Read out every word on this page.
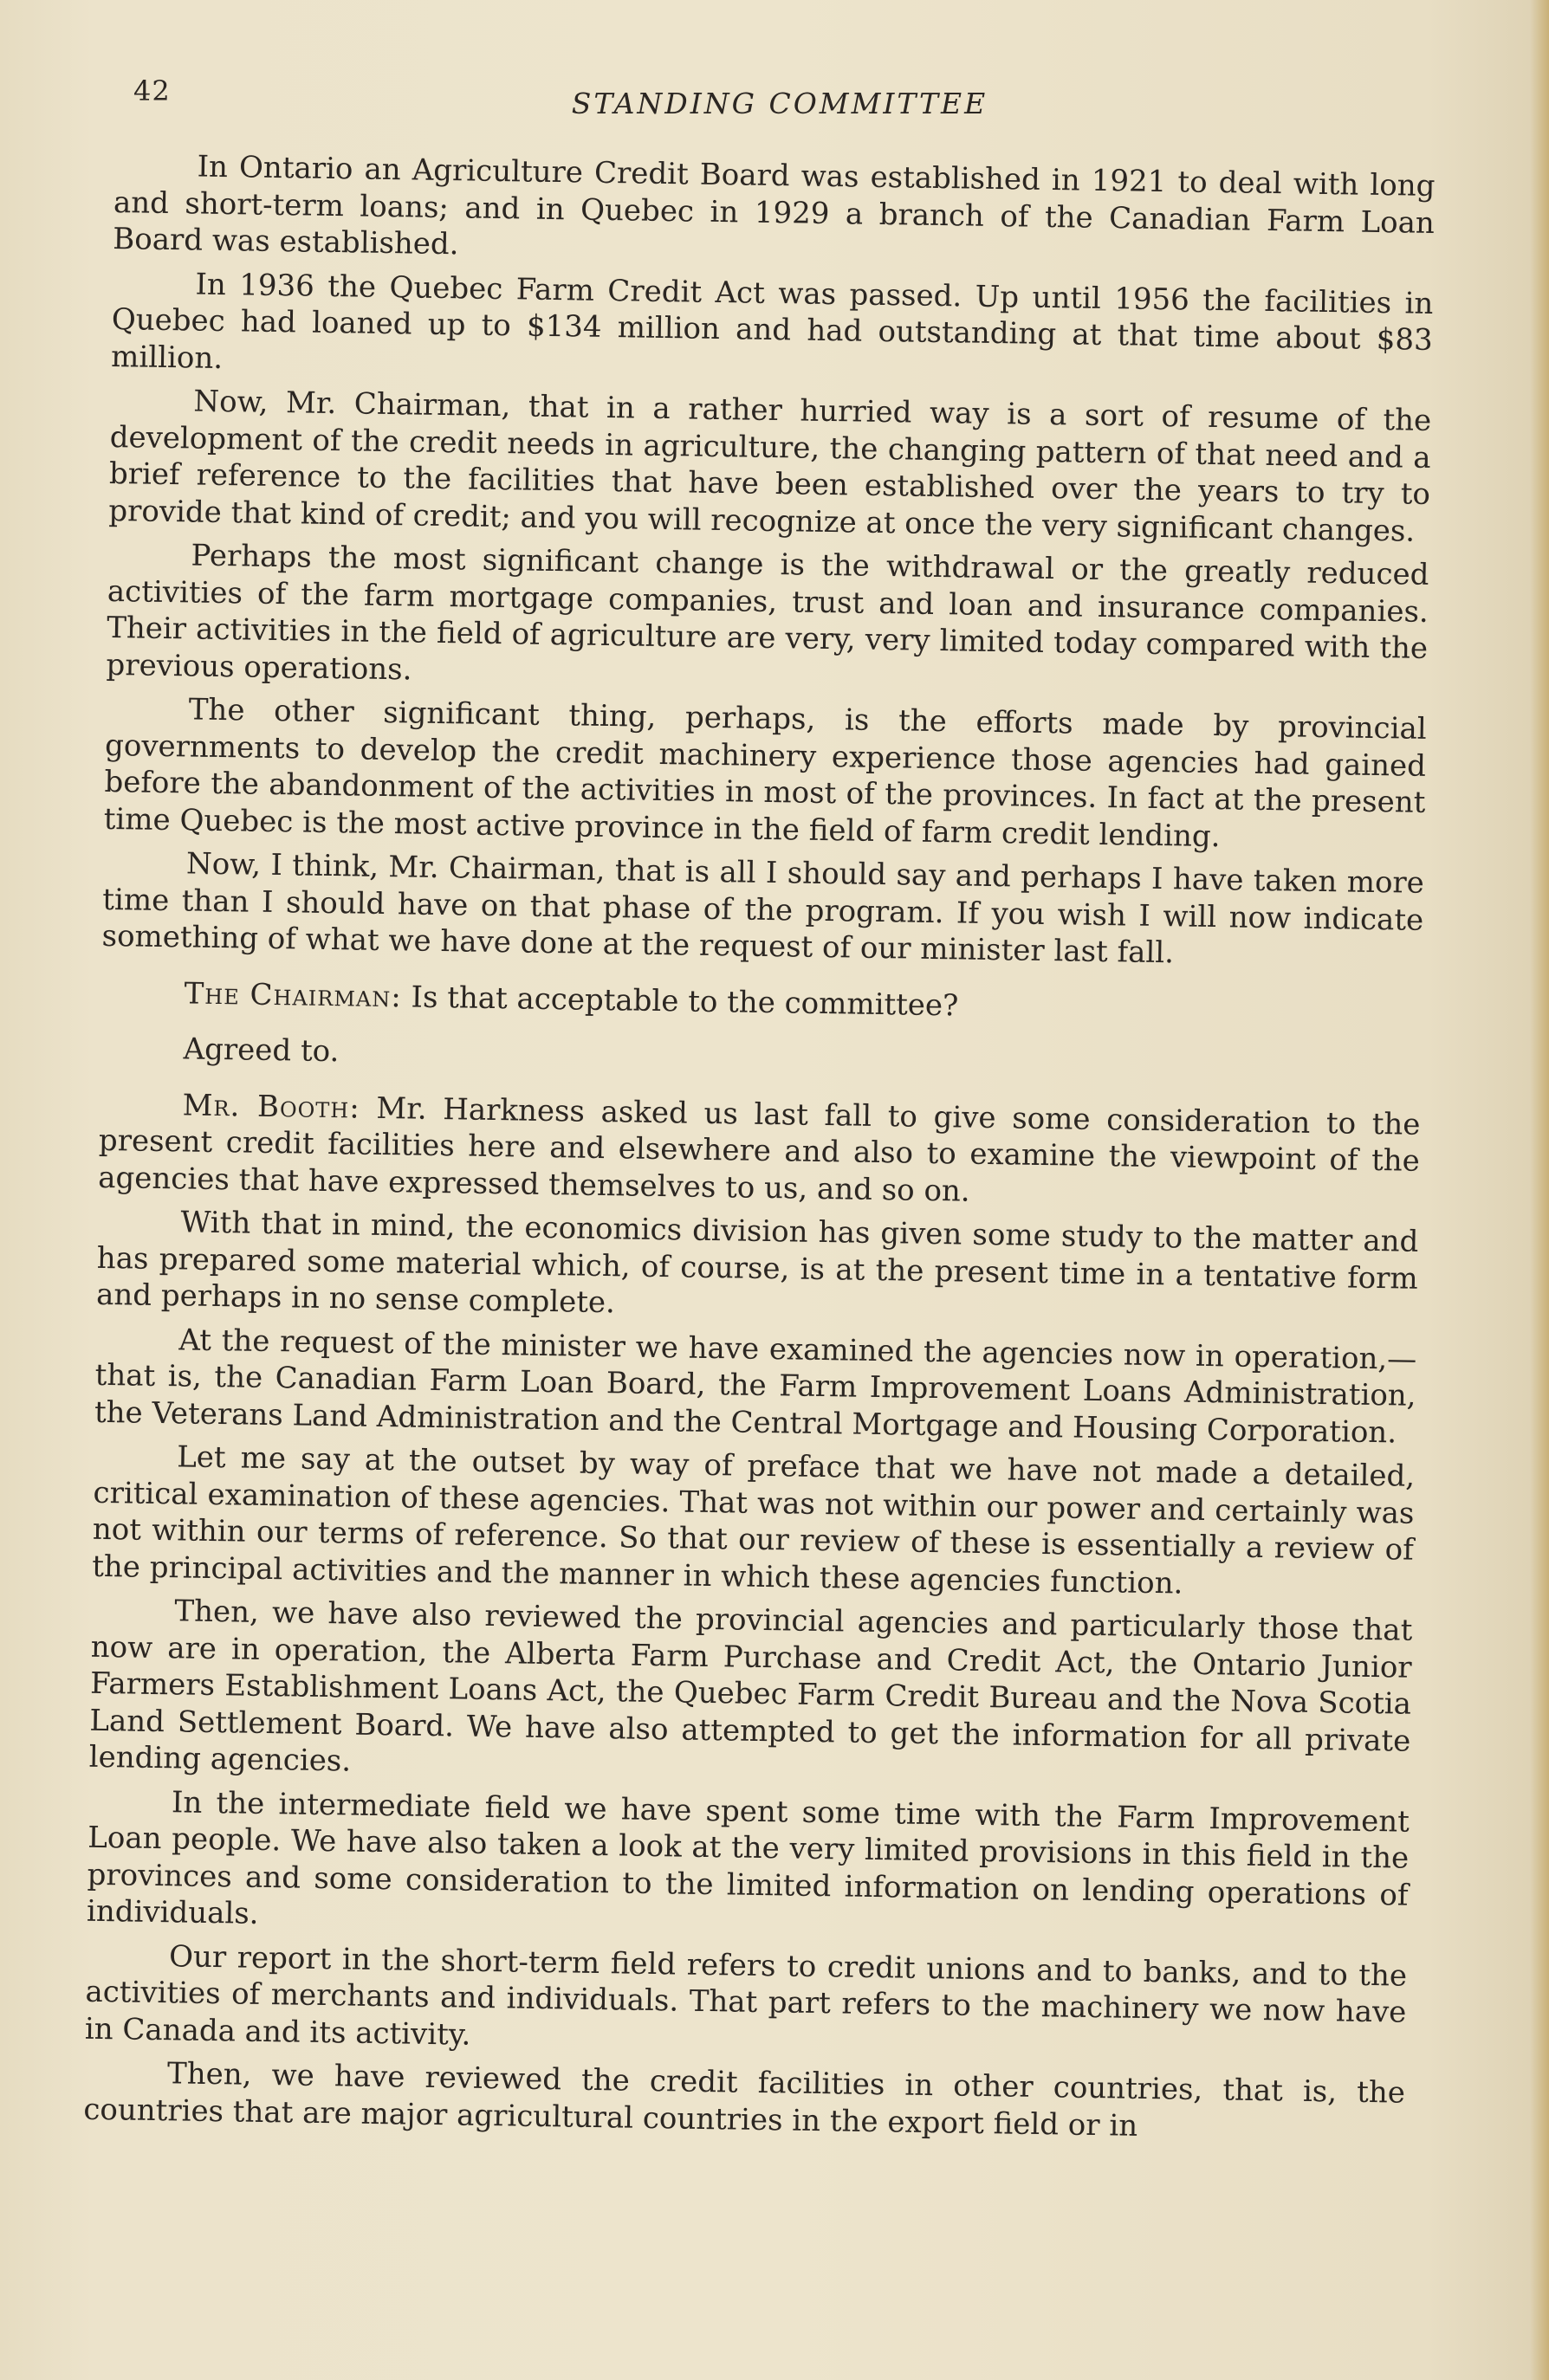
42	STANDING COMMITTEE

In Ontario an Agriculture Credit Board was established in 1921 to deal with long and short-term loans; and in Quebec in 1929 a branch of the Canadian Farm Loan Board was established.

In 1936 the Quebec Farm Credit Act was passed. Up until 1956 the facilities in Quebec had loaned up to $134 million and had outstanding at that time about $83 million.

Now, Mr. Chairman, that in a rather hurried way is a sort of resume of the development of the credit needs in agriculture, the changing pattern of that need and a brief reference to the facilities that have been established over the years to try to provide that kind of credit; and you will recognize at once the very significant changes.

Perhaps the most significant change is the withdrawal or the greatly reduced activities of the farm mortgage companies, trust and loan and insurance companies. Their activities in the field of agriculture are very, very limited today compared with the previous operations.

The other significant thing, perhaps, is the efforts made by provincial governments to develop the credit machinery experience those agencies had gained before the abandonment of the activities in most of the provinces. In fact at the present time Quebec is the most active province in the field of farm credit lending.

Now, I think, Mr. Chairman, that is all I should say and perhaps I have taken more time than I should have on that phase of the program. If you wish I will now indicate something of what we have done at the request of our minister last fall.

The Chairman: Is that acceptable to the committee?

Agreed to.

Mr. Booth: Mr. Harkness asked us last fall to give some consideration to the present credit facilities here and elsewhere and also to examine the viewpoint of the agencies that have expressed themselves to us, and so on.

With that in mind, the economics division has given some study to the matter and has prepared some material which, of course, is at the present time in a tentative form and perhaps in no sense complete.

At the request of the minister we have examined the agencies now in operation,—that is, the Canadian Farm Loan Board, the Farm Improvement Loans Administration, the Veterans Land Administration and the Central Mortgage and Housing Corporation.

Let me say at the outset by way of preface that we have not made a detailed, critical examination of these agencies. That was not within our power and certainly was not within our terms of reference. So that our review of these is essentially a review of the principal activities and the manner in which these agencies function.

Then, we have also reviewed the provincial agencies and particularly those that now are in operation, the Alberta Farm Purchase and Credit Act, the Ontario Junior Farmers Establishment Loans Act, the Quebec Farm Credit Bureau and the Nova Scotia Land Settlement Board. We have also attempted to get the information for all private lending agencies.

In the intermediate field we have spent some time with the Farm Improvement Loan people. We have also taken a look at the very limited provisions in this field in the provinces and some consideration to the limited information on lending operations of individuals.

Our report in the short-term field refers to credit unions and to banks, and to the activities of merchants and individuals. That part refers to the machinery we now have in Canada and its activity.

Then, we have reviewed the credit facilities in other countries, that is, the countries that are major agricultural countries in the export field or in
